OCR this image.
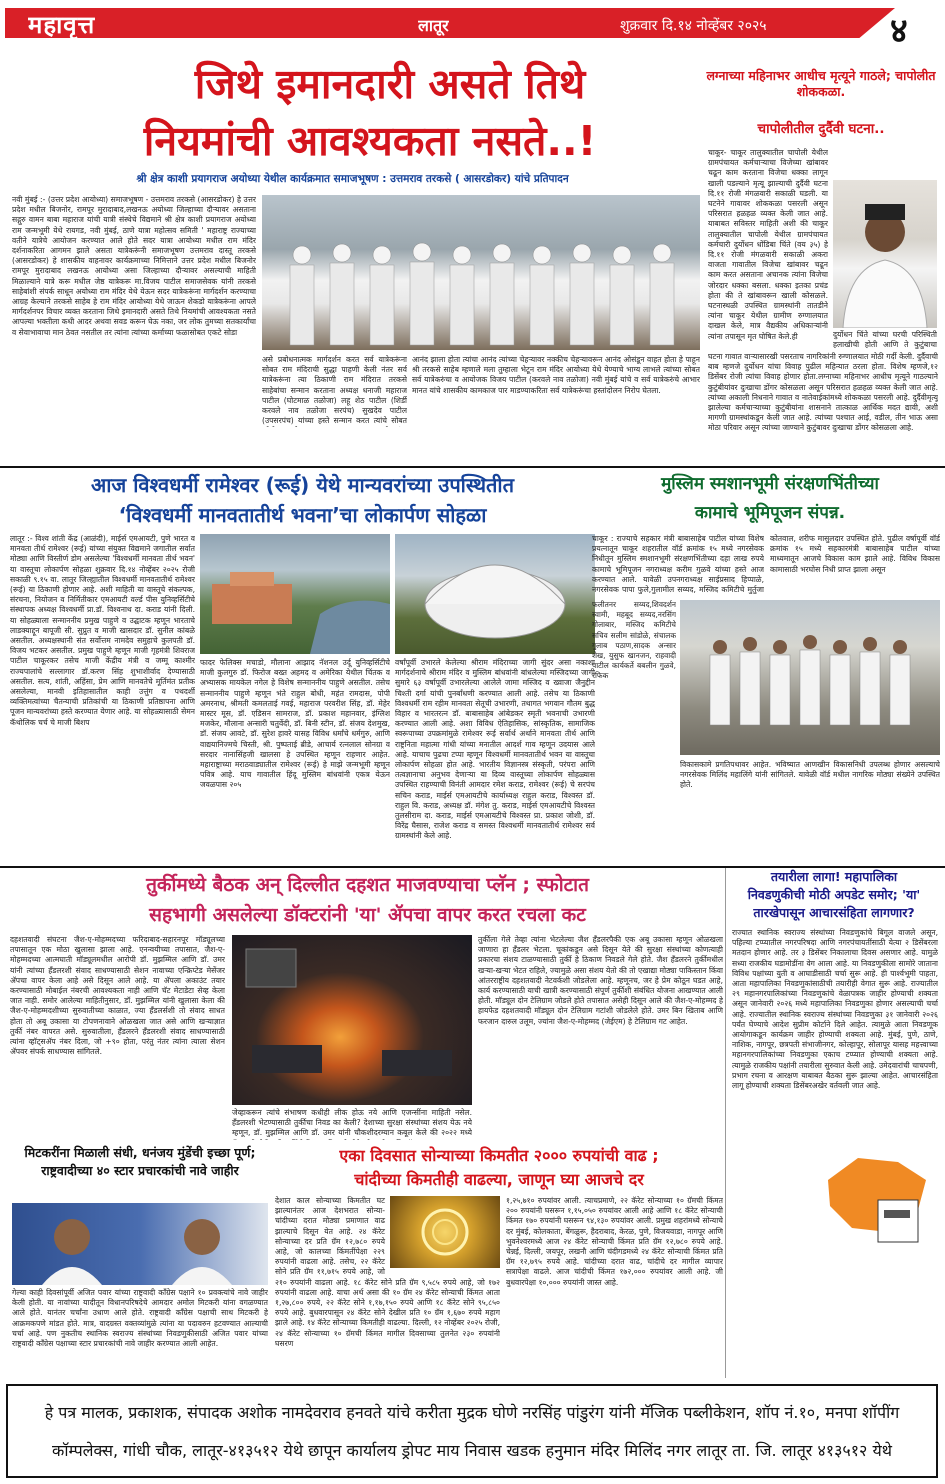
महावृत्त	लातूर	शुक्रवार दि.१४ नोव्हेंबर २०२५	४
जिथे इमानदारी असते तिथे
नियमांची आवश्यकता नसते..!
श्री क्षेत्र काशी प्रयागराज अयोध्या येथील कार्यक्रमात समाजभूषण : उत्तमराव तरकसे ( आसरडोकर) यांचे प्रतिपादन
नवी मुंबई :- (उत्तर प्रदेश आयोध्या) समाजभूषण - उत्तमराव तरकसे (आसरडोकर) हे उत्तर प्रदेश मधील बिजनोर, रामपूर मुरादाबाद,लखनऊ अयोध्या जिल्हाच्या दौऱ्यावर असताना सद्गुरु वामन बाबा महाराज यांची यात्री संस्थेचे विद्यमाने श्री क्षेत्र काशी प्रयागराज अयोध्या राम जन्मभूमी येथे रायगड, नवी मुंबई, ठाणे यात्रा महोत्सव समिती ' महाराष्ट्र राज्याच्या वतीने यात्रेचे आयोजन करण्यात आले होते सदर यात्रा आयोध्या मधील राम मंदिर दर्शनाकरिता आगमन झाले असता यात्रेकरूंनी समाजभूषण उत्तमराव दास्तू तरकसे (आसरडोकर) हे शासकीय वाहनावर कार्यक्रमाच्या निमित्ताने उत्तर प्रदेश मधील बिजनोर रामपूर मुरादाबाद लखनऊ आयोध्या असा जिल्हाच्या दौऱ्यावर असल्याची माहिती मिळाल्याने यात्रे करू मधील जेष्ठ यात्रेकरू मा.विजय पाटील समाजसेवक यांनी तरकसे साहेबांशी संपर्क साधून अयोध्या राम मंदिर येथे येऊन सदर यात्रेकरूंना मार्गदर्शन करण्याचा आग्रह केल्याने तरकसे साहेब हे राम मंदिर आयोध्या येथे जाऊन शेकडो यात्रेकरूंना आपले मार्गदर्शनपर विचार व्यक्त करताना जिथे इमानदारी असते तिथे नियमांची आवश्यकता नसते आपल्या भक्तीला कधी आदर अथवा सवड करून घेऊ नका, जर लोक तुमच्या सतकार्यांचा व सेवाभावाचा मान ठेवत नसतील तर त्यांना त्यांच्या कर्माच्या फळासोबत एकटे सोडा
असे प्रबोधनात्मक मार्गदर्शन करत सर्व यात्रेकरूंना सोबत राम मंदिराची सुद्धा पाहणी केली नंतर सर्व यात्रेकरूंना त्या ठिकाणी राम मंदिरात तरकसे साहेबांचा सन्मान करताना अध्यक्ष धनाजी महाराज पाटील (घोटमाळ तळोजा) लहू शेठ पाटील (शिर्डी करवले नाव तळोजा सरपंच) सुखदेव पाटील (उपसरपंच) यांच्या हस्ते सन्मान करत त्यांचे सोबत
आनंद झाला होता त्यांचा आनंद त्यांच्या चेहऱ्यावर नक्कीच चेहऱ्यावरून आनंद ओसंडून वाहत होता हे पाहून श्री तरकसे साहेब म्हणाले मला तुम्हाला भेटून राम मंदिर आयोध्या येथे येण्याचे भाग्य लाभले त्यांच्या सोबत सर्व यात्रेकरुंचा व आयोजक विजय पाटील (करवले नाव तळोजा) नवी मुंबई यांचे व सर्व यात्रेकरुंचे आभार मानत यांचे शासकीय कामकाज पार माडण्याकरिता सर्व यात्रेकरूंचा हस्तांदोलन निरोप घेतला.
लग्नाच्या महिनाभर आधीच मृत्यूने गाठले; चापोलीत शोककळा.
चापोलीतील दुर्दैवी घटना..
चाकूर- चाकूर तालुक्यातील चापोली येथील ग्रामपंचायत कर्मचाऱ्याचा विजेच्या खांबावर चढून काम करताना विजेचा धक्का लागून खाली पडल्याने मृत्यू झाल्याची दुर्दैवी घटना दि.११ रोजी मंगळवारी सकाळी घडली. या घटनेने गावावर शोककळा पसरली असून परिसरात हळहळ व्यक्त केली जात आहे. याबाबत सविस्तर माहिती अशी की चाकूर तालुक्यातील चापोली येथील ग्रामपंचायत कर्मचारी दुर्योधन धोंडिबा चिंते (वय ३५) हे दि.११ रोजी मंगळवारी सकाळी अकरा वाजता गावातील विजेचा खांबावर चढून काम करत असताना अचानक त्यांना विजेचा जोरदार धक्का बसला. धक्का इतका प्रचंड होता की ते खांबावरून खाली कोसळले. घटनास्थळी उपस्थित ग्रामस्थांनी तातडीने त्यांना चाकूर येथील ग्रामीण रुग्णालयात दाखल केले, मात्र वैद्यकीय अधिकाऱ्यांनी त्यांना तपासून मृत घोषित केले.ही	दुर्योधन चिंते यांच्या घरची परिस्थिती हलाखीची होती आणि ते कुटुंबाचा
घटना गावात वाऱ्यासारखी पसरताच नागरिकांनी रुग्णालयात मोठी गर्दी केली. दुर्दैवाची बाब म्हणजे दुर्योधन यांचा विवाह पुढील महिन्यात ठरला होता. विशेष म्हणजे,१२ डिसेंबर रोजी त्यांचा विवाह होणार होता.लग्नाच्या महिनाभर आधीच मृत्यूने गाठल्याने कुटुंबीयांवर दुःखाचा डोंगर कोसळला असून परिसरात हळहळ व्यक्त केली जात आहे. त्यांच्या अकाली निधनाने गावात व नातेवाईकांमध्ये शोककळा पसरली आहे. दुर्दैवीमृत्यू झालेल्या कर्मचाऱ्याच्या कुटुंबीयांना शासनाने तात्काळ आर्थिक मदत द्यावी, अशी मागणी ग्रामस्थांकडून केली जात आहे. त्यांच्या पश्चात आई, वडील, तीन भाऊ असा मोठा परिवार असून त्यांच्या जाण्याने कुटुंबावर दुःखाचा डोंगर कोसळला आहे.
आज विश्वधर्मी रामेश्वर (रूई) येथे मान्यवरांच्या उपस्थितीत
‘विश्वधर्मी मानवतातीर्थ भवना’चा लोकार्पण सोहळा
लातूर :- विश्व शांती केंद्र (आळंदी), माईर्स एमआयटी, पुणे भारत व मानवता तीर्थ रामेश्वर (रूई) यांच्या संयुक्त विद्यमाने जगातील सर्वात मोठ्या आणि विस्तीर्ण डोम असलेल्या 'विश्वधर्मी मानवता तीर्थ भवन' या वास्तूचा लोकार्पण सोहळा शुक्रवार दि.१४ नोव्हेंबर २०२५ रोजी सकाळी ९.१५ वा. लातूर जिल्ह्यातील विश्वधर्मी मानवतातीर्थ रामेश्वर (रूई) या ठिकाणी होणार आहे. अशी माहिती या वास्तूचे संकल्पक, संरचना, नियोजन व निर्मितीकार एमआयटी वर्ल्ड पीस युनिव्हर्सिटीचे संस्थापक अध्यक्ष विश्वधर्मी प्रा.डॉ. विश्वनाथ दा. कराड यांनी दिली. या सोहळ्याला सन्माननीय प्रमुख पाहुणे व उद्घाटक म्हणून भारताचे लाडक्याद्दून बापूजी सी. सुप्रुत व माजी खासदार डॉ. सुनील कांबळे असतील. अध्यक्षस्थानी संत सर्वोत्तम नामदेव समुहाचे कुलपती डॉ. विजय भटकर असतील. प्रमुख पाहुणे म्हणून माजी गृहमंत्री शिवराज पाटील चाकूरकर तसेच माजी केंद्रीय मंत्री व जम्मू काश्मीर राज्यपालांचे सल्लागार डॉ.करण सिंह शुभाशीर्वाद देण्यासाठी असतील. सत्य, शांती, अहिंसा, प्रेम आणि मानवतेचे मूर्तिमंत प्रतीक असलेल्या, मानवी इतिहासातील काही उत्तुंग व पथदर्शी व्यक्तिमत्वांच्या चैतन्याची प्रतिकांची या ठिकाणी प्रतिष्ठापना आणि पूजन मान्यवरांच्या हस्ते करण्यात येणार आहे. या सोहळ्यासाठी सेमन कॅथोलिक चर्च चे माजी बिशप
फादर फेलिक्स मचाडो, मौलाना आझाद नॅशनल उर्दू युनिव्हर्सिटीचे माजी कुलगुरु डॉ. फिरोज बख्त अहमद व अमेरिका येथील चिंतक व अभ्यासक मायकेल नगेल हे विशेष सन्माननीय पाहुणे असतील. तसेच सन्माननीय पाहुणे म्हणून भंते राहुल बोधी, महंत रामदास, पोपी अमरनाथ, श्रीमती कमलताई गवई, महाराज परवरीश सिंह, डॉ. मेहेर मास्टर मूस, डॉ. एडिसन सामराज, डॉ. प्रकाश महानवार, इंग्लिश मजकेर, मौलाना अन्सारी चतुर्वेदी, डॉ. बिनी स्टीन, डॉ. संजय देशमुख, डॉ. संजय आवटे, डॉ. सुरेश हावरे यासह विविध धर्मांचे धर्मगुरु, आणि वाद्ययानिज्मचे चिस्ती, श्री. पुष्पताई ब्रीडे, आचार्य रत्नलाल सोनग्रा व सरदार नानासिंहजी खालसा हे उपस्थित म्हणून राहणार आहेत. महाराष्ट्राच्या मराठवाड्यातील रामेश्वर (रूई) हे माझे जन्मभूमी म्हणून पवित्र आहे. याच गावातील हिंदू मुस्लिम बांधवांनी एकत्र येऊन जवळपास २०५
वर्षांपूर्वी उभारले केलेल्या श्रीराम मंदिराच्या जागी सुंदर असा नकाशा मार्गदर्शनाचे श्रीराम मंदिर व मुस्लिम बांधवांनी बांधलेल्या मस्जिदच्या जागी सुमारे ६३ वर्षापूर्वी उभारलेल्या आलेले जामा मस्जिद व ख्वाजा जैनुद्दीन चिश्ती दर्गा यांची पुनर्बांधणी करण्यात आली आहे. तसेच या ठिकाणी विश्वधर्मी राम रहीम मानवता सेतूची उभारणी, तथागत भगवान गौतम बुद्ध विहार व भारतरत्न डॉ. बाबासाहेब आंबेडकर स्मृती भवनाची उभारणी करण्यात आली आहे. अशा विविध ऐतिहासिक, सांस्कृतिक, सामाजिक स्वरूपाच्या उपक्रमांमुळे रामेश्वर रूई सर्वार्थ अर्थाने मानवता तीर्थ आणि राष्ट्रनिता महात्मा गांधी यांच्या मनातील आदर्श गाव म्हणून उदयास आले आहे. याचाच पुढचा टप्पा म्हणून विश्वधर्मी मानवतातीर्थ भवन या वास्तूचा लोकार्पण सोहळा होत आहे. भारतीय विज्ञानस्त्र संस्कृती, परंपरा आणि तत्वज्ञानाचा अनुभव देणाऱ्या या दिव्य वास्तूच्या लोकार्पण सोहळ्यास उपस्थित राहण्याची विनंती आमदार रमेश कराड, रामेश्वर (रूई) चे सरपंच सचिन कराड, माईर्स एमआयटीचे कार्याध्यक्ष राहुल कराड, विश्वस्त डॉ. राहुल वि. कराड, अध्यक्ष डॉ. मंगेश तु. कराड, माईर्स एमआयटीचे विश्वस्त तुलसीराम दा. कराड, माईर्स एमआयटीचे विश्वस्त प्रा. प्रकाश जोशी, डॉ. विरेंद्र घैसास, राजेश कराड व समस्त विश्वधर्मी मानवतातीर्थ रामेश्वर सर्व ग्रामस्थांनी केले आहे.
मुस्लिम स्मशानभूमी संरक्षणभिंतीच्या
कामाचे भूमिपूजन संपन्न.
चाकूर : राज्याचे सहकार मंत्री बाबासाहेब पाटील यांच्या विशेष प्रयत्नातून चाकूर शहरातील वॉर्ड क्रमांक १५ मध्ये नगरसेवक निधीतून मुस्लिम स्मशानभूमी संरक्षणभिंतीच्या दहा लाख रुपये कामाचे भूमिपूजन नगराध्यक्ष करीम गुळवे यांच्या हस्ते आज करण्यात आले. यावेळी उपनगराध्यक्ष साईप्रसाद हिप्पाळे, नगरसेवक पापा फुले,गुलामील सय्यद, मस्जिद कमिटीचे मुर्तुजा
कोतवाल, शरीफ मासुलदार उपस्थित होते. पुढील वर्षापूर्वी वॉर्ड क्रमांक १५ मध्ये सहकारमंत्री बाबासाहेब पाटील यांच्या माध्यमातून आजचे विकास काम झाले आहे. विविध विकास कामासाठी भरघोस निधी प्राप्त झाला असून
फलीतनर सय्यद,शिवदर्शन स्वामी, महबूद सय्यद,नरसिंग गोलाबार, मस्जिद कमिटीचे सचिव सलीम सांडोळे, संचालक गुलाब पठाण,सादक अन्सार शेख, युसुफ खानजन, राहवादी पाटील कार्यकर्ते बबलीन गुळवे, रफिक
विकासकामे प्रगतिपथावर आहेत. भविष्यात आणखीन विकासनिधी उपलब्ध होणार असल्याचे नगरसेवक मिलिंद महालिंगे यांनी सांगितले. यावेळी वॉर्ड मधील नागरिक मोठ्या संख्येने उपस्थित होते.
तुर्कीमध्ये बैठक अन् दिल्लीत दहशत माजवण्याचा प्लॅन ; स्फोटात
सहभागी असलेल्या डॉक्टरांनी 'या' ॲपचा वापर करत रचला कट
दहशतवादी संघटना जैश-ए-मोहम्मदच्या फरिदाबाद-सहारनपूर मॉड्यूलच्या तपासातून एक मोठा खुलासा झाला आहे. एनन्वयीच्या तपासात, जैश-ए-मोहम्मदच्या आत्मघाती मॉड्यूलमधील आरोपी डॉ. मुझम्मिल आणि डॉ. उमर यांनी त्यांच्या हँडलरशी संवाद साधण्यासाठी सेशन नावाच्या एन्क्रिप्टेड मेसेंजर ॲपचा वापर केला आहे असे दिसून आले आहे. या ॲपला अकाउंट तयार करण्यासाठी मोबाईल नंबरची आवश्यकता नाही आणि चॅट मेटाडेटा सेव्ह केला जात नाही. समोर आलेल्या माहितीनुसार, डॉ. मुझम्मिल यांनी खुलासा केला की जैश-ए-मोहम्मदशीच्या सुरुवातीच्या काळात, ज्या हँडलर्सशी तो संवाद साधत होता तो अबू उकासा या टोपणनावाने ओळखला जात असे आणि खऱ्याज्ञात तुर्की नंबर वापरत असे. सुरुवातीला, हँडलरने हँडलरशी संवाद साधण्यासाठी त्यांना व्हॉट्सॲप नंबर दिला, जो +९० होता, परंतु नंतर त्यांना त्याला सेशन ॲपवर संपर्क साधण्यास सांगितले.
जेव्हाकरून त्यांचे संभाषण कधीही लीक होऊ नये आणि एजन्सींना माहिती नसेल. हँडलरशी भेटण्यासाठी तुर्कीचा निवड का केली? देशाच्या सुरक्षा संस्थांच्या संशय येऊ नये म्हणून, डॉ. मुझम्मिल आणि डॉ. उमर यांनी चौकशीदरम्यान कबूल केले की २०२२ मध्ये
तुर्कीला गेले तेव्हा त्यांना भेटलेल्या जैश हँडलरपैकी एक अबू उकासा म्हणून ओळखला जाणारा हा हँडलर भेटला. चूकांकडून असे दिसून येते की सुरक्षा संस्थांच्या कोणत्याही प्रकारचा संशय टाळण्यासाठी तुर्की हे ठिकाण निवडले गेले होते. जैश हँडलरने तुर्कीमधील खऱ्या-खऱ्या भेटत राहिले, ज्यामुळे असा संशय येतो की तो एखाद्या मोठ्या पाकिस्तान किंवा आंतरराष्ट्रीय दहशतवादी नेटवर्कशी जोडलेला आहे. म्हणूनच, जर हे प्रेम कोठून घडत आहे, कार्य करण्यासाठी याची खात्री करण्यासाठी संपूर्ण तुर्कीशी संबंधित योजना आखण्यात आली होती. मॉड्यूल दोन टेलिग्राम जोडले होते तपासात असेही दिसून आले की जैश-ए-मोहम्मद हे हायफेड दहशतवादी मॉड्यूल दोन टेलिग्राम गटांशी जोडलेले होते. उमर बिन खिताब आणि फरजान दारुल उलूम, ज्यांना जैश-ए-मोहम्मद (जेईएम) हे टेलिग्राम गट आहेत.
तयारीला लागा! महापालिका
निवडणुकीची मोठी अपडेट समोर; 'या'
तारखेपासून आचारसंहिता लागणार?
राज्यात स्थानिक स्वराज्य संस्थांच्या निवडणुकांचे बिगूल वाजले असून, पहिल्या टप्प्यातील नगरपरिषदा आणि नगरपंचायतींसाठी येत्या २ डिसेंबरला मतदान होणार आहे. तर ३ डिसेंबर निकालाचा दिवस असणार आहे. यामुळे सध्या राजकीय घडामोडींना वेग आला आहे. या निवडणुकीला सामोरे जाताना विविध पक्षांच्या युती व आघाडीसाठी चर्चा सुरू आहे. ही पार्श्वभूमी पाहता, आता महापालिका निवडणुकांसाठीची तयारीही वेगात सुरू आहे. राज्यातील २९ महानगरपालिकांच्या निवडणुकांचे वेळापत्रक जाहीर होण्याची शक्यता असून जानेवारी २०२६ मध्ये महापालिका निवडणुका होणार असल्याची चर्चा आहे. राज्यातील स्थानिक स्वराज्य संस्थांच्या निवडणुका ३१ जानेवारी २०२६ पर्यंत घेण्याचे आदेश सुप्रीम कोर्टाने दिले आहेत. त्यामुळे आता निवडणूक आयोगाकडून कार्यक्रम जाहीर होण्याची शक्यता आहे. मुंबई, पुणे, ठाणे, नाशिक, नागपूर, छत्रपती संभाजीनगर, कोल्हापूर, सोलापूर यासह महत्त्वाच्या महानगरपालिकांच्या निवडणुका एकाच टप्प्यात होण्याची शक्यता आहे. त्यामुळे राजकीय पक्षांनी तयारीला सुरुवात केली आहे. उमेदवारांची चाचपणी, प्रभाग रचना व आरक्षण याबाबत बैठका सुरू झाल्या आहेत. आचारसंहिता लागू होण्याची शक्यता डिसेंबरअखेर वर्तवली जात आहे.
मिटकरींना मिळाली संधी, धनंजय मुंडेंची इच्छा पूर्ण; राष्ट्रवादीच्या ४० स्टार प्रचारकांची नावे जाहीर
गेल्या काही दिवसांपूर्वी अजित पवार यांच्या राष्ट्रवादी काँग्रेस पक्षाने १० प्रवक्त्यांचे नावे जाहीर केली होती. या नावांच्या यादीतून विधानपरिषदेचे आमदार अमोल मिटकरी यांना वगळण्यात आले होते. यानंतर चर्चांना उधाण आले होते. राष्ट्रवादी काँग्रेस पक्षाची साथ मिटकरी हे आक्रमकपणे मांडत होते. मात्र, वादग्रस्त वक्तव्यांमुळे त्यांना या पदावरुन हटवण्यात आल्याची चर्चा आहे. पण नुकतीच स्थानिक स्वराज्य संस्थांच्या निवडणुकीसाठी अजित पवार यांच्या राष्ट्रवादी काँग्रेस पक्षाच्या स्टार प्रचारकांची नावे जाहीर करण्यात आली आहेत.
एका दिवसात सोन्याच्या किमतीत २००० रुपयांची वाढ ;
चांदीच्या किमतीही वाढल्या, जाणून घ्या आजचे दर
देशात काल सोन्याच्या किमतीत घट झाल्यानंतर आज देशभरात सोन्या-चांदीच्या दरात मोठ्या प्रमाणात वाढ झाल्याचे दिसून येत आहे. २४ कॅरेट सोन्याच्या दर प्रति ग्रॅम १२,७८० रुपये आहे, जो कालच्या किंमतींपेक्षा २२९ रुपयांनी वाढला आहे. तसेच, २२ कॅरेट सोने प्रति ग्रॅम ११,७१५ रुपये आहे, जो २१० रुपयांनी वाढला आहे. १८ कॅरेट सोने प्रति ग्रॅम ९,५८५ रुपये आहे, जो १७२ रुपयांनी वाढला आहे. याचा अर्थ असा की १० ग्रॅम २४ कॅरेट सोन्याची किंमत आता १,२७,८०० रुपये, २२ कॅरेट सोने १,१७,१५० रुपये आणि १८ कॅरेट सोने ९५,८५० रुपये आहे. बुधवारपासून २४ कॅरेट सोने देखील प्रति १० ग्रॅम १,६७० रुपये महाग झाले आहे. १४ कॅरेट सोन्याच्या किमतीही वाढल्या. दिल्ली, १२ नोव्हेंबर २०२५ रोजी, २४ कॅरेट सोन्याच्या १० ग्रॅमची किंमत मागील दिवसाच्या तुलनेत २३० रुपयांनी घसरण
१,२५,७१० रुपयांवर आली. त्याचप्रमाणे, २२ कॅरेट सोन्याच्या १० ग्रॅमची किंमत २०० रुपयांनी घसरून १,१५,०५० रुपयांवर आली आहे आणि १८ कॅरेट सोन्याची किंमत १७० रुपयांनी घसरून ९४,१३० रुपयांवर आली. प्रमुख शहरांमध्ये सोन्याचे दर मुंबई, कोलकाता, बेंगळुरू, हैदराबाद, केरळ, पुणे, विजयवाडा, नागपूर आणि भुवनेश्वरमध्ये आज २४ कॅरेट सोन्याची किंमत प्रति ग्रॅम १२,७८० रुपये आहे. चेन्नई, दिल्ली, जयपूर, लखनौ आणि चंदीगडमध्ये २४ कॅरेट सोन्याची किंमत प्रति ग्रॅम १२,७९५ रुपये आहे. चांदीच्या दरात वाढ, चांदीचे दर मागील व्यापार सत्रापेक्षा वाढले. आज चांदीची किंमत १७२,००० रुपयांवर आली आहे. जी बुधवारपेक्षा १०,००० रुपयांनी जास्त आहे.
हे पत्र मालक, प्रकाशक, संपादक अशोक नामदेवराव हनवते यांचे करीता मुद्रक घोणे नरसिंह पांडुरंग यांनी मॅजिक पब्लीकेशन, शॉप नं.१०, मनपा शॉपींग कॉम्पलेक्स, गांधी चौक, लातूर-४१३५१२ येथे छापून कार्यालय ड्रोपट माय निवास खडक हनुमान मंदिर मिलिंद नगर लातूर ता. जि. लातूर ४१३५१२ येथे
